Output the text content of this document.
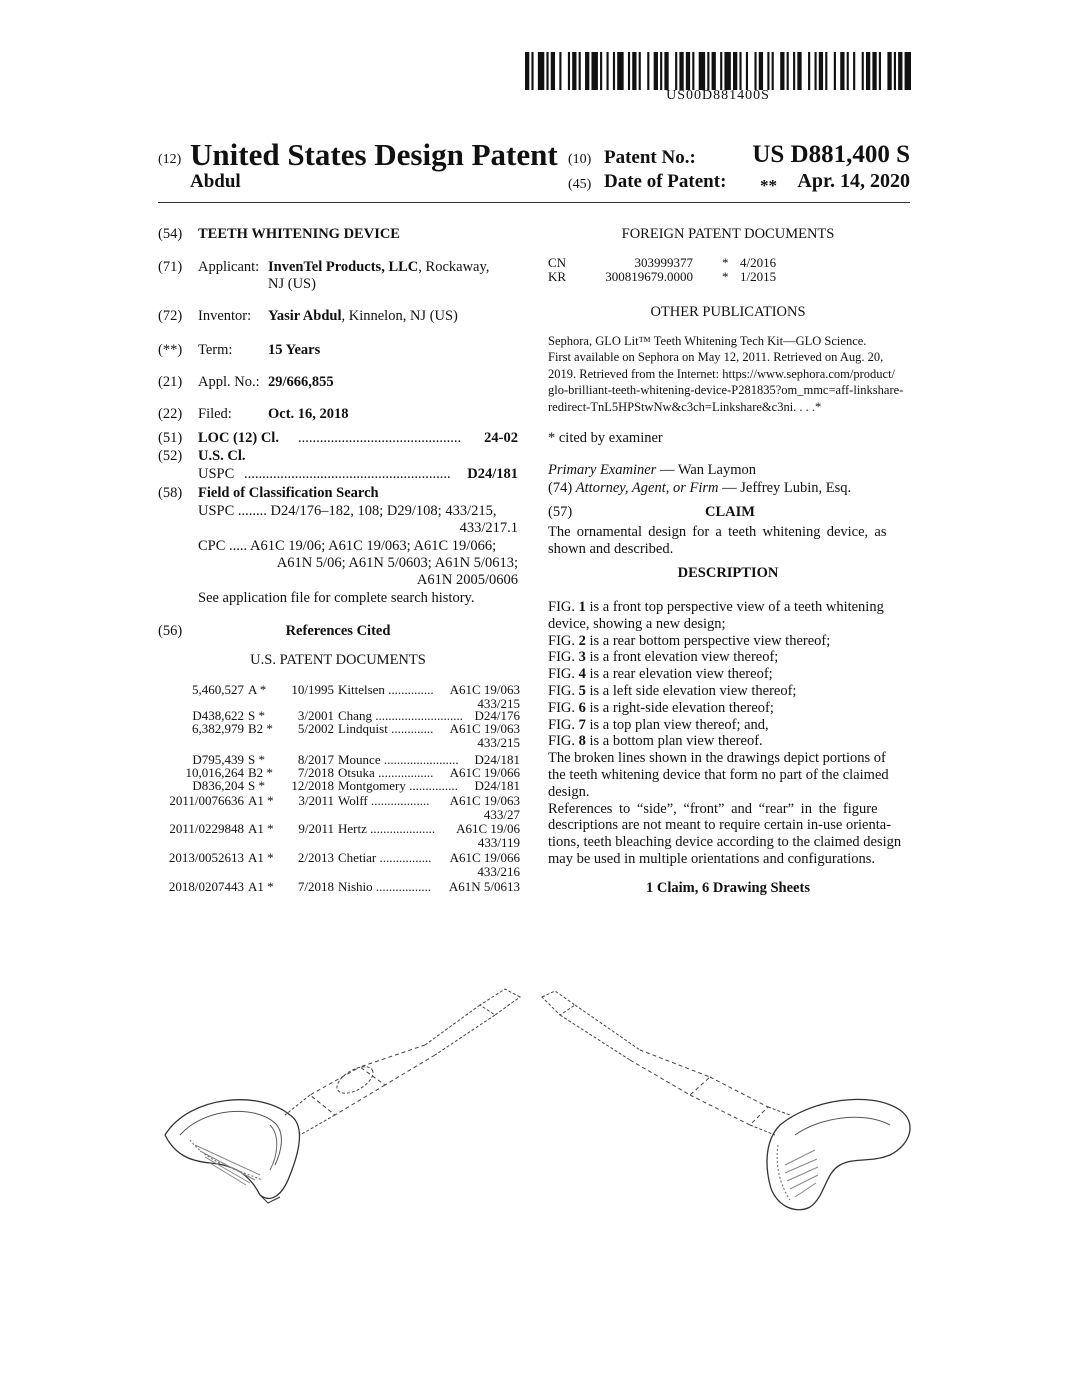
US00D881400S
(12) United States Design Patent
Abdul
(10) Patent No.:	US D881,400 S
(45) Date of Patent: **	Apr. 14, 2020
(54) TEETH WHITENING DEVICE
(71) Applicant: InvenTel Products, LLC, Rockaway,
NJ (US)
(72) Inventor: Yasir Abdul, Kinnelon, NJ (US)
(**) Term: 15 Years
(21) Appl. No.: 29/666,855
(22) Filed: Oct. 16, 2018
(51) LOC (12) Cl. .............................................	24-02
(52) U.S. Cl.
USPC .........................................................	D24/181
(58) Field of Classification Search
USPC ........ D24/176–182, 108; D29/108; 433/215,
433/217.1
CPC ..... A61C 19/06; A61C 19/063; A61C 19/066;
A61N 5/06; A61N 5/0603; A61N 5/0613;
A61N 2005/0606
See application file for complete search history.
(56)	References Cited
U.S. PATENT DOCUMENTS
5,460,527 A *	10/1995 Kittelsen ..............	A61C 19/063
433/215
D438,622 S *	3/2001 Chang ........................... D24/176
6,382,979 B2 *	5/2002 Lindquist .............	A61C 19/063
433/215
D795,439 S *	8/2017 Mounce .......................	D24/181
10,016,264 B2 *	7/2018 Otsuka .................	A61C 19/066
D836,204 S *	12/2018 Montgomery ...............	D24/181
2011/0076636 A1 *	3/2011 Wolff ..................	A61C 19/063
433/27
2011/0229848 A1 *	9/2011 Hertz ....................	A61C 19/06
433/119
2013/0052613 A1 *	2/2013 Chetiar ................	A61C 19/066
433/216
2018/0207443 A1 *	7/2018 Nishio .................	A61N 5/0613
FOREIGN PATENT DOCUMENTS
CN	303999377 * 4/2016
KR	300819679.0000 * 1/2015
OTHER PUBLICATIONS
Sephora, GLO Lit™ Teeth Whitening Tech Kit—GLO Science.
First available on Sephora on May 12, 2011. Retrieved on Aug. 20,
2019. Retrieved from the Internet: https://www.sephora.com/product/
glo-brilliant-teeth-whitening-device-P281835?om_mmc=aff-linkshare-
redirect-TnL5HPStwNw&c3ch=Linkshare&c3ni. . . .*
* cited by examiner
Primary Examiner — Wan Laymon
(74) Attorney, Agent, or Firm — Jeffrey Lubin, Esq.
(57)	CLAIM
The ornamental design for a teeth whitening device, as
shown and described.
DESCRIPTION
FIG. 1 is a front top perspective view of a teeth whitening
device, showing a new design;
FIG. 2 is a rear bottom perspective view thereof;
FIG. 3 is a front elevation view thereof;
FIG. 4 is a rear elevation view thereof;
FIG. 5 is a left side elevation view thereof;
FIG. 6 is a right-side elevation thereof;
FIG. 7 is a top plan view thereof; and,
FIG. 8 is a bottom plan view thereof.
The broken lines shown in the drawings depict portions of
the teeth whitening device that form no part of the claimed
design.
References to “side”, “front” and “rear” in the figure
descriptions are not meant to require certain in-use orienta-
tions, teeth bleaching device according to the claimed design
may be used in multiple orientations and configurations.
1 Claim, 6 Drawing Sheets
